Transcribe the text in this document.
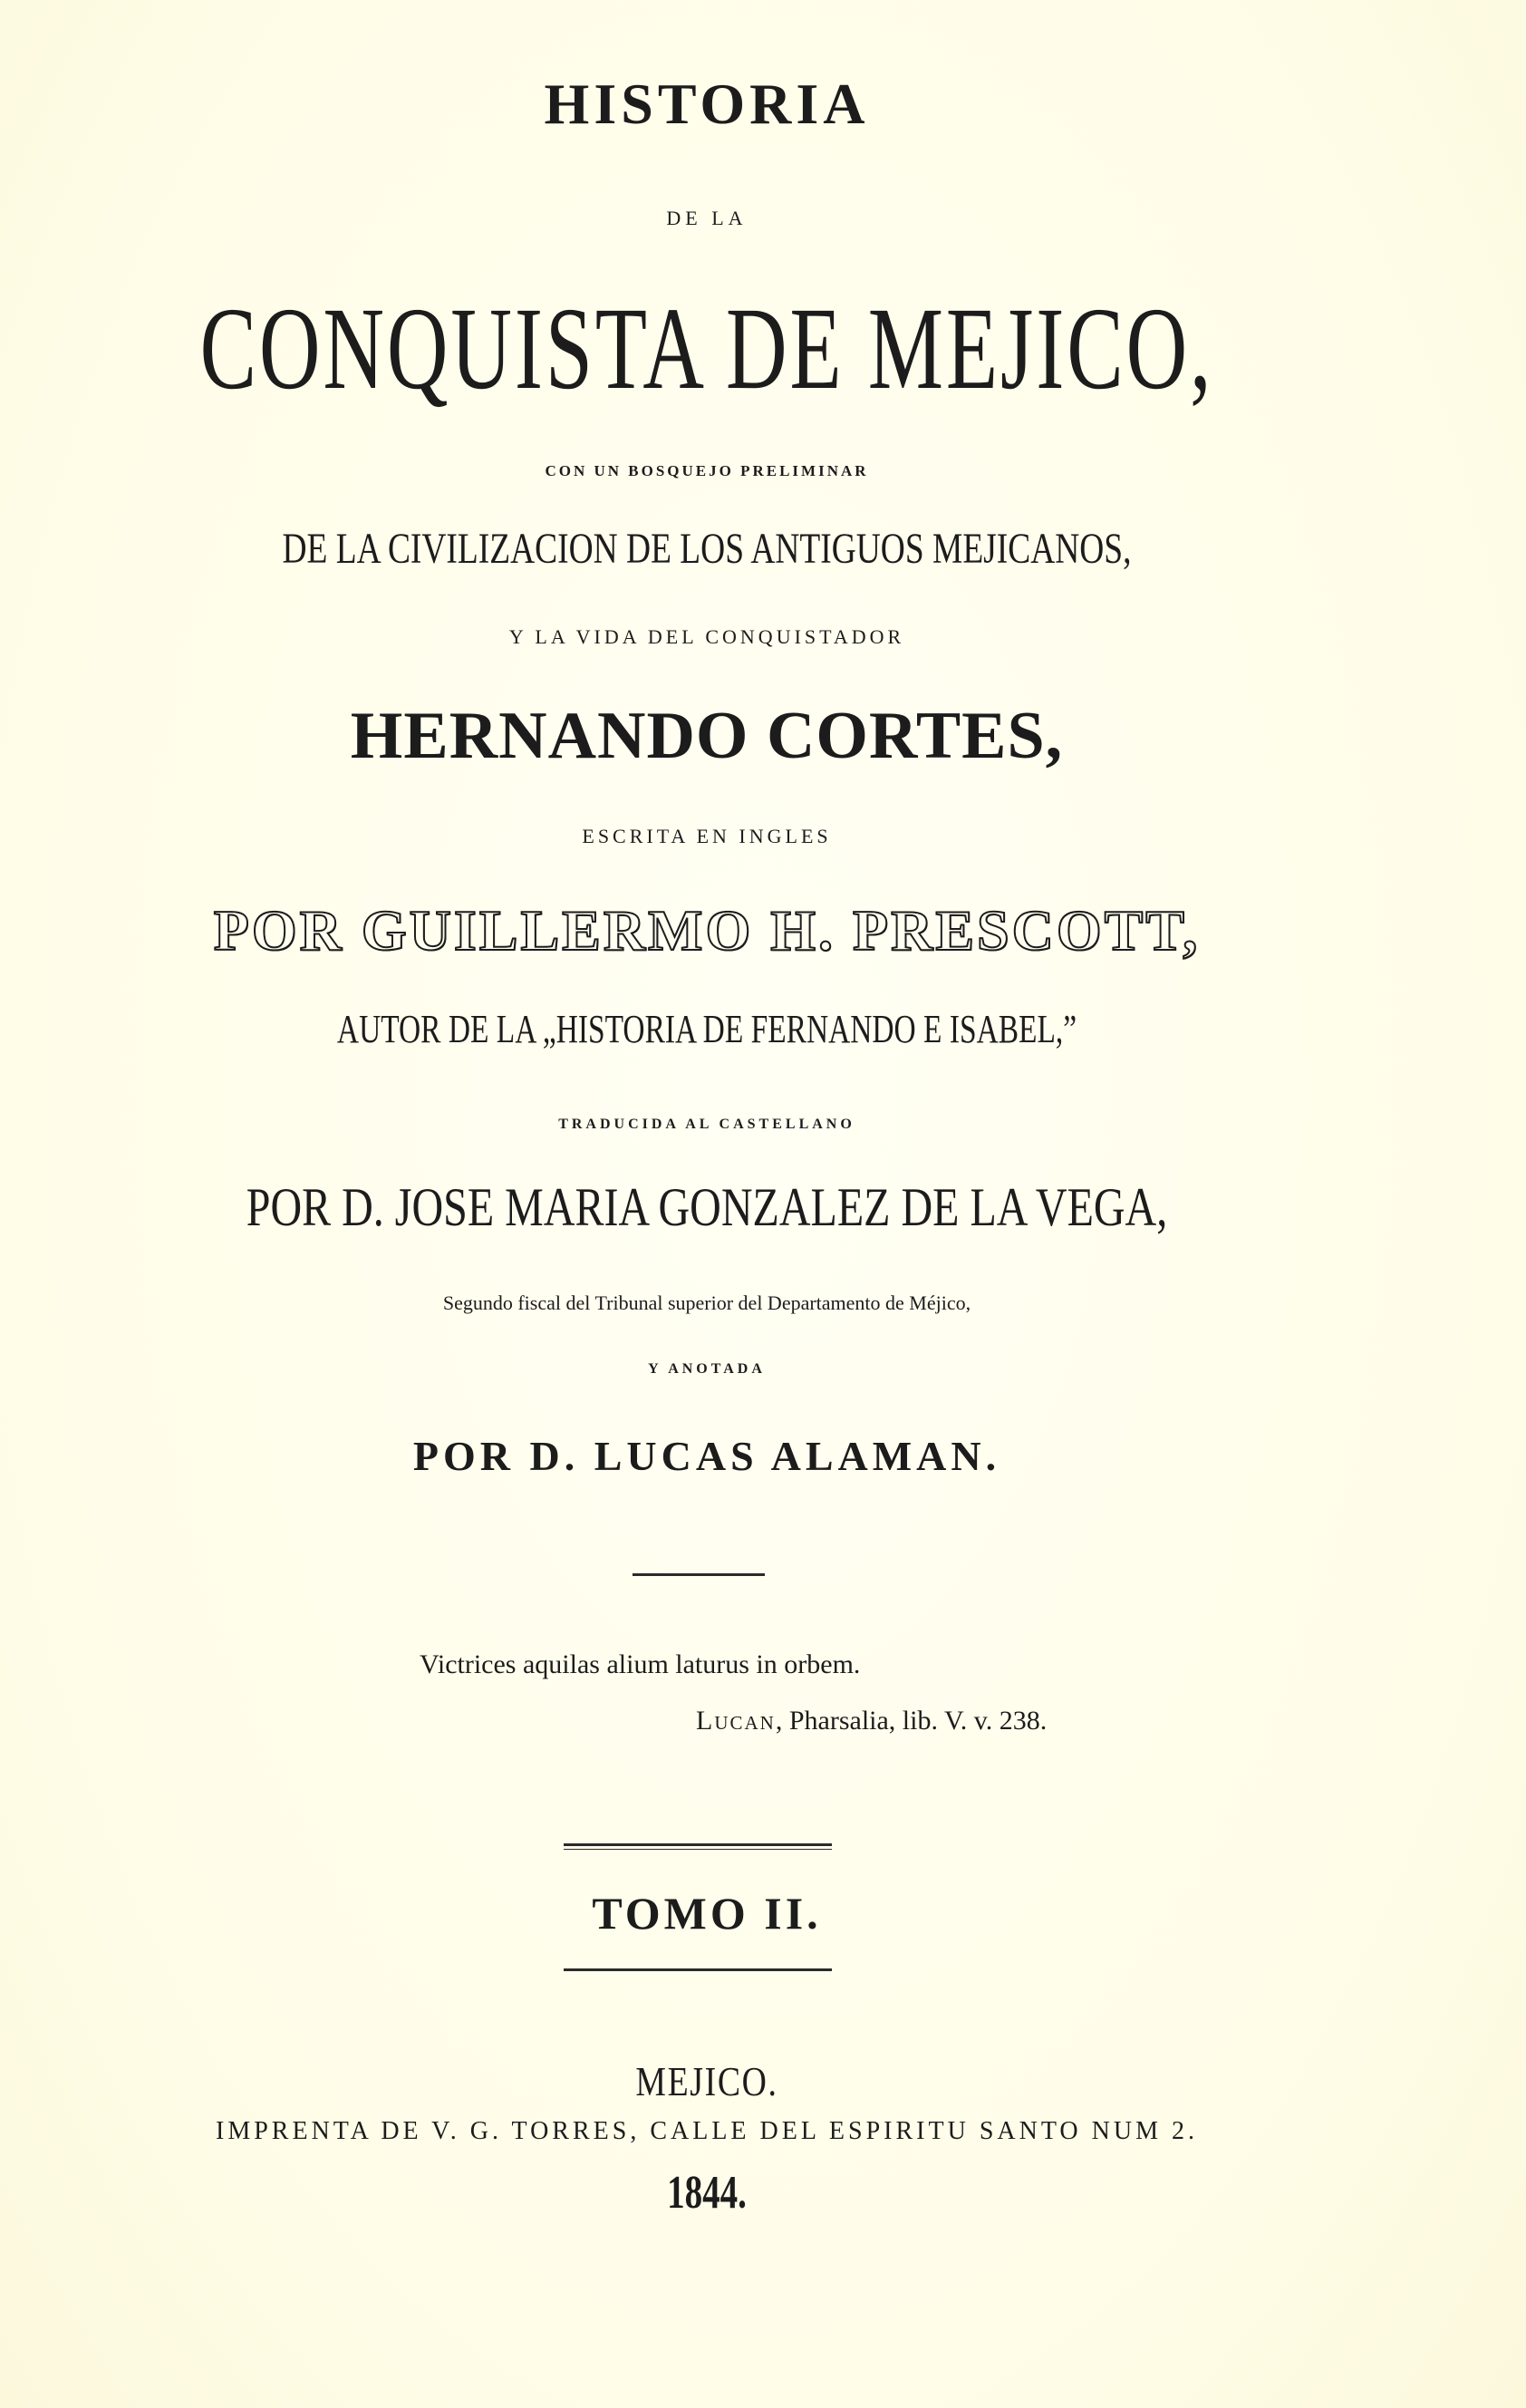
HISTORIA
DE LA
CONQUISTA DE MEJICO,
CON UN BOSQUEJO PRELIMINAR
DE LA CIVILIZACION DE LOS ANTIGUOS MEJICANOS,
Y LA VIDA DEL CONQUISTADOR
HERNANDO CORTES,
ESCRITA EN INGLES
POR GUILLERMO H. PRESCOTT,
AUTOR DE LA „HISTORIA DE FERNANDO E ISABEL,”
TRADUCIDA AL CASTELLANO
POR D. JOSE MARIA GONZALEZ DE LA VEGA,
Segundo fiscal del Tribunal superior del Departamento de Méjico,
Y ANOTADA
POR D. LUCAS ALAMAN.
Victrices aquilas alium laturus in orbem.
Lucan, Pharsalia, lib. V. v. 238.
TOMO II.
MEJICO.
IMPRENTA DE V. G. TORRES, CALLE DEL ESPIRITU SANTO NUM 2.
1844.
